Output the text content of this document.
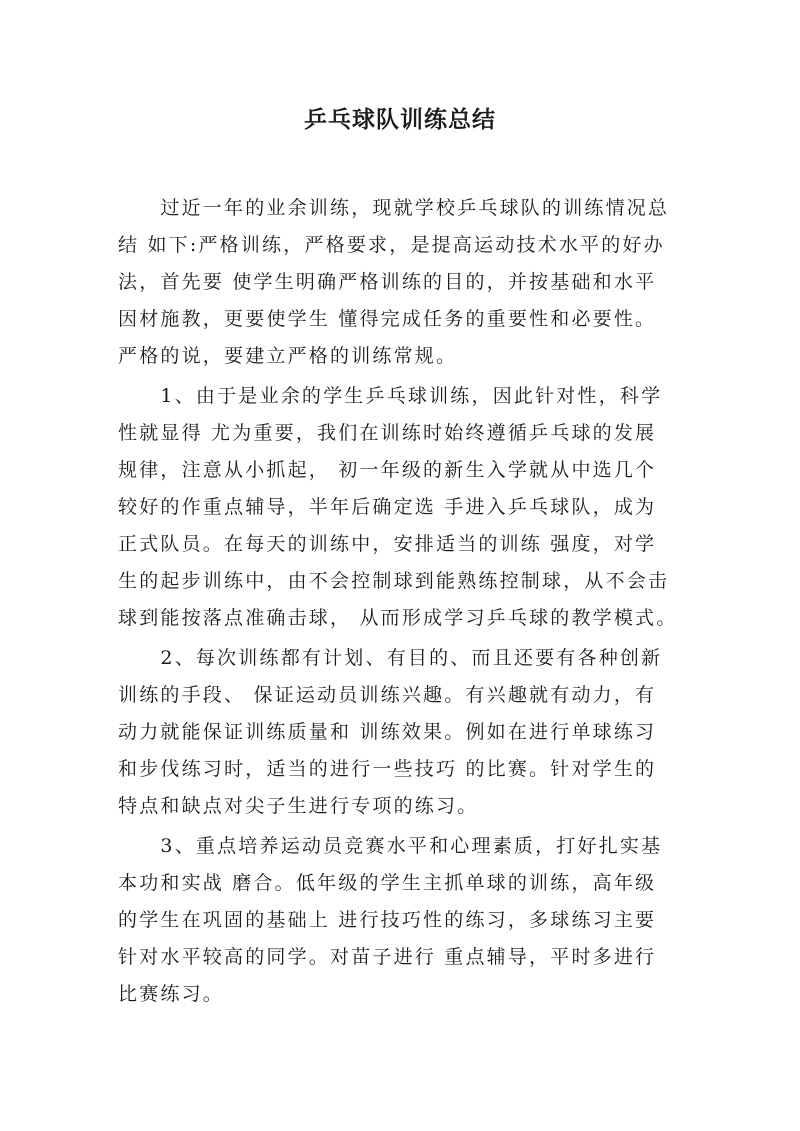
乒乓球队训练总结
　　过近一年的业余训练，现就学校乒乓球队的训练情况总
结 如下:严格训练，严格要求，是提高运动技术水平的好办
法，首先要 使学生明确严格训练的目的，并按基础和水平
因材施教，更要使学生 懂得完成任务的重要性和必要性。
严格的说，要建立严格的训练常规。
　　1、由于是业余的学生乒乓球训练，因此针对性，科学
性就显得 尤为重要，我们在训练时始终遵循乒乓球的发展
规律，注意从小抓起， 初一年级的新生入学就从中选几个
较好的作重点辅导，半年后确定选 手进入乒乓球队，成为
正式队员。在每天的训练中，安排适当的训练 强度，对学
生的起步训练中，由不会控制球到能熟练控制球，从不会击
球到能按落点准确击球， 从而形成学习乒乓球的教学模式。
　　2、每次训练都有计划、有目的、而且还要有各种创新
训练的手段、 保证运动员训练兴趣。有兴趣就有动力，有
动力就能保证训练质量和 训练效果。例如在进行单球练习
和步伐练习时，适当的进行一些技巧 的比赛。针对学生的
特点和缺点对尖子生进行专项的练习。
　　3、重点培养运动员竞赛水平和心理素质，打好扎实基
本功和实战 磨合。低年级的学生主抓单球的训练，高年级
的学生在巩固的基础上 进行技巧性的练习，多球练习主要
针对水平较高的同学。对苗子进行 重点辅导，平时多进行
比赛练习。
